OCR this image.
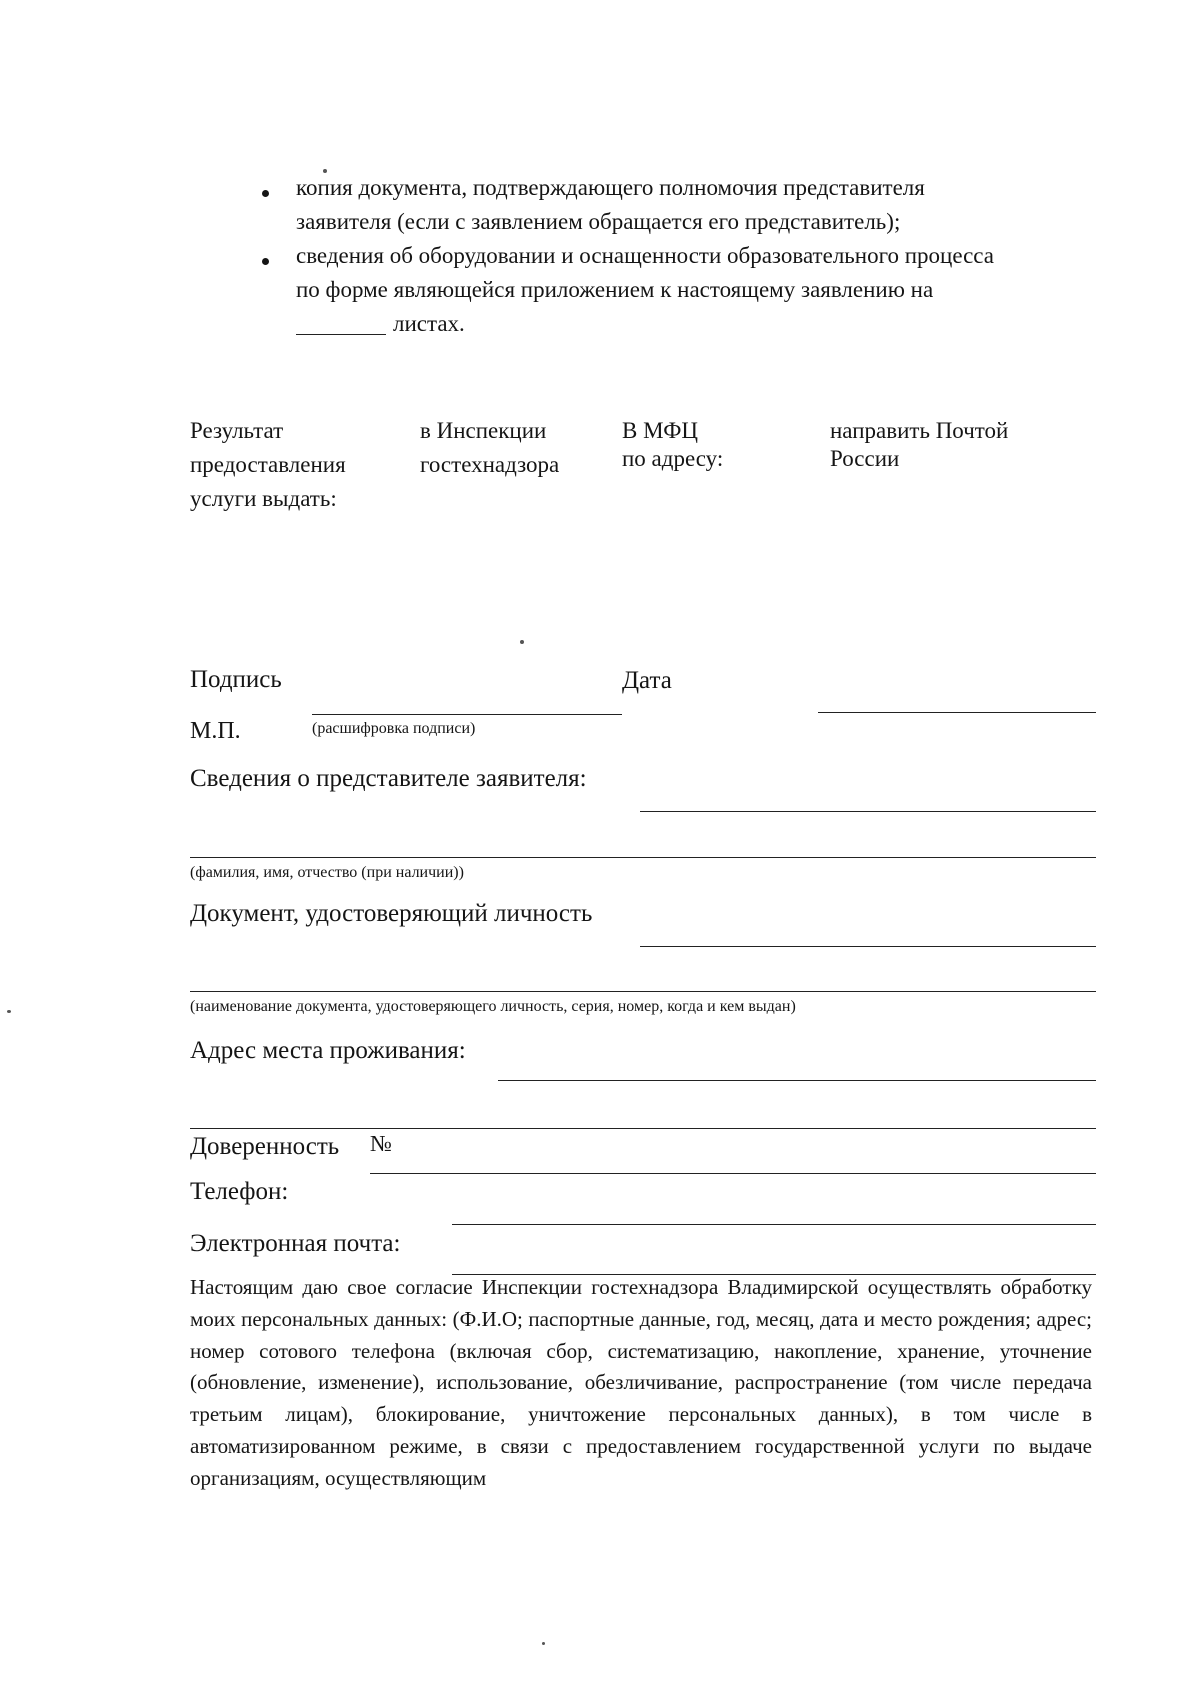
копия документа, подтверждающего полномочия представителя
заявителя (если с заявлением обращается его представитель);
сведения об оборудовании и оснащенности образовательного процесса
по форме являющейся приложением к настоящему заявлению на
листах.
Результат
предоставления
услуги выдать:
в Инспекции
гостехнадзора
В МФЦ
по адресу:
направить Почтой
России
Подпись	Дата
М.П.	(расшифровка подписи)
Сведения о представителе заявителя:
(фамилия, имя, отчество (при наличии))
Документ, удостоверяющий личность
(наименование документа, удостоверяющего личность, серия, номер, когда и кем выдан)
Адрес места проживания:
Доверенность №
Телефон:
Электронная почта:
Настоящим даю свое согласие Инспекции гостехнадзора Владимирской осуществлять обработку моих персональных данных: (Ф.И.О; паспортные данные, год, месяц, дата и место рождения; адрес; номер сотового телефона (включая сбор, систематизацию, накопление, хранение, уточнение (обновление, изменение), использование, обезличивание, распространение (том числе передача третьим лицам), блокирование, уничтожение персональных данных), в том числе в автоматизированном режиме, в связи с предоставлением государственной услуги по выдаче организациям, осуществляющим
